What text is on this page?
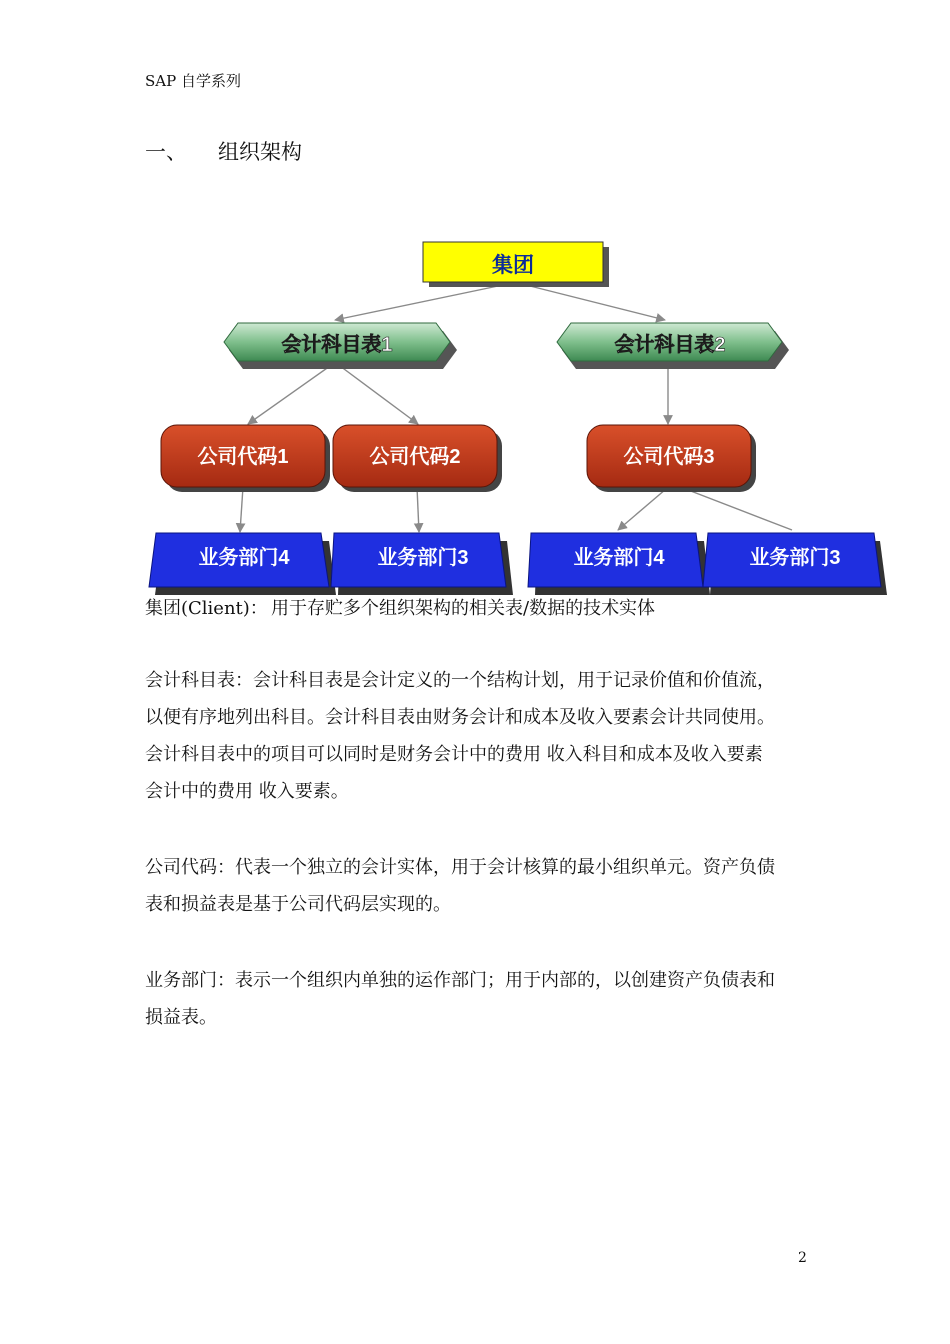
SAP 自学系列
一、 组织架构
集团
会计科目表1	会计科目表2
公司代码1	公司代码2	公司代码3
业务部门4	业务部门3	业务部门4	业务部门3
集团(Client)： 用于存贮多个组织架构的相关表/数据的技术实体
会计科目表：会计科目表是会计定义的一个结构计划，用于记录价值和价值流，
以便有序地列出科目。会计科目表由财务会计和成本及收入要素会计共同使用。
会计科目表中的项目可以同时是财务会计中的费用 收入科目和成本及收入要素
会计中的费用 收入要素。
公司代码：代表一个独立的会计实体，用于会计核算的最小组织单元。资产负债
表和损益表是基于公司代码层实现的。
业务部门：表示一个组织内单独的运作部门；用于内部的，以创建资产负债表和
损益表。
2
